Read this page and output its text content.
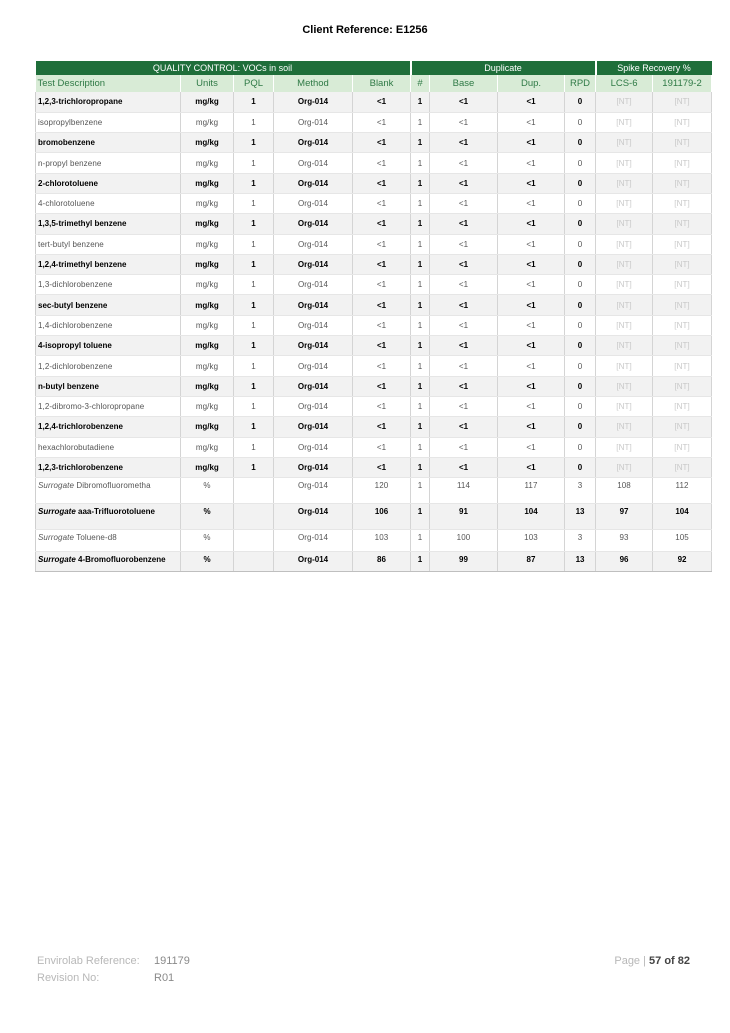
Client Reference: E1256
QUALITY CONTROL: VOCs in soil					Duplicate				Spike Recovery %	
Test Description	Units	PQL	Method	Blank	#	Base	Dup.	RPD	LCS-6	191179-2
1,2,3-trichloropropane	mg/kg	1	Org-014	<1	1	<1	<1	0	[NT]	[NT]
isopropylbenzene	mg/kg	1	Org-014	<1	1	<1	<1	0	[NT]	[NT]
bromobenzene	mg/kg	1	Org-014	<1	1	<1	<1	0	[NT]	[NT]
n-propyl benzene	mg/kg	1	Org-014	<1	1	<1	<1	0	[NT]	[NT]
2-chlorotoluene	mg/kg	1	Org-014	<1	1	<1	<1	0	[NT]	[NT]
4-chlorotoluene	mg/kg	1	Org-014	<1	1	<1	<1	0	[NT]	[NT]
1,3,5-trimethyl benzene	mg/kg	1	Org-014	<1	1	<1	<1	0	[NT]	[NT]
tert-butyl benzene	mg/kg	1	Org-014	<1	1	<1	<1	0	[NT]	[NT]
1,2,4-trimethyl benzene	mg/kg	1	Org-014	<1	1	<1	<1	0	[NT]	[NT]
1,3-dichlorobenzene	mg/kg	1	Org-014	<1	1	<1	<1	0	[NT]	[NT]
sec-butyl benzene	mg/kg	1	Org-014	<1	1	<1	<1	0	[NT]	[NT]
1,4-dichlorobenzene	mg/kg	1	Org-014	<1	1	<1	<1	0	[NT]	[NT]
4-isopropyl toluene	mg/kg	1	Org-014	<1	1	<1	<1	0	[NT]	[NT]
1,2-dichlorobenzene	mg/kg	1	Org-014	<1	1	<1	<1	0	[NT]	[NT]
n-butyl benzene	mg/kg	1	Org-014	<1	1	<1	<1	0	[NT]	[NT]
1,2-dibromo-3-chloropropane	mg/kg	1	Org-014	<1	1	<1	<1	0	[NT]	[NT]
1,2,4-trichlorobenzene	mg/kg	1	Org-014	<1	1	<1	<1	0	[NT]	[NT]
hexachlorobutadiene	mg/kg	1	Org-014	<1	1	<1	<1	0	[NT]	[NT]
1,2,3-trichlorobenzene	mg/kg	1	Org-014	<1	1	<1	<1	0	[NT]	[NT]
Surrogate Dibromofluorometha	%		Org-014	120	1	114	117	3	108	112
Surrogate aaa-Trifluorotoluene	%		Org-014	106	1	91	104	13	97	104
Surrogate Toluene-d8	%		Org-014	103	1	100	103	3	93	105
Surrogate 4-Bromofluorobenzene	%		Org-014	86	1	99	87	13	96	92
Envirolab Reference: 191179
Revision No:	R01
Page | 57 of 82
